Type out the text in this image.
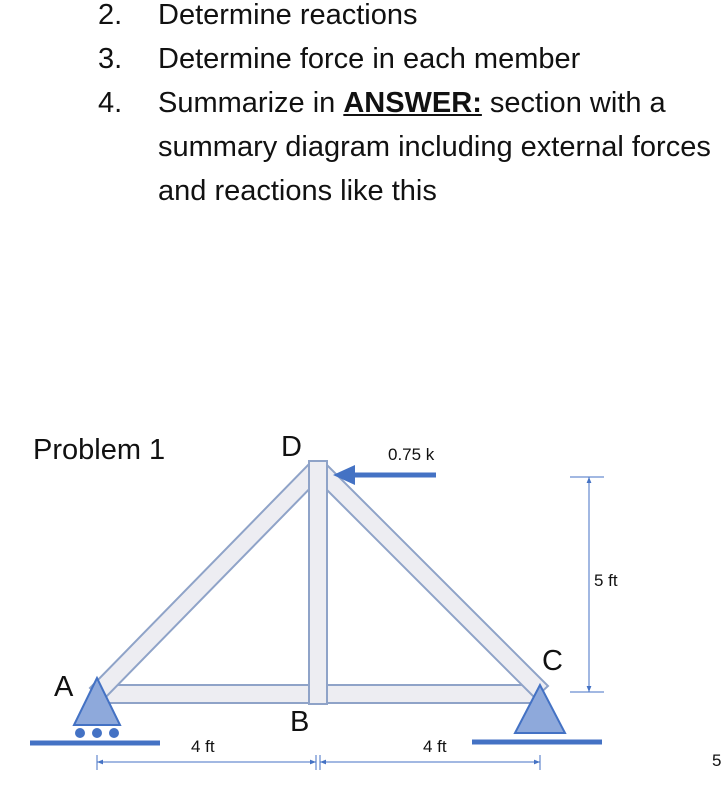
2.	Determine reactions
3.	Determine force in each member
4.	Summarize in ANSWER: section with a summary diagram including external forces and reactions like this
Problem 1	D
A
B
C
0.75 k
5 ft
4 ft	4 ft
5
